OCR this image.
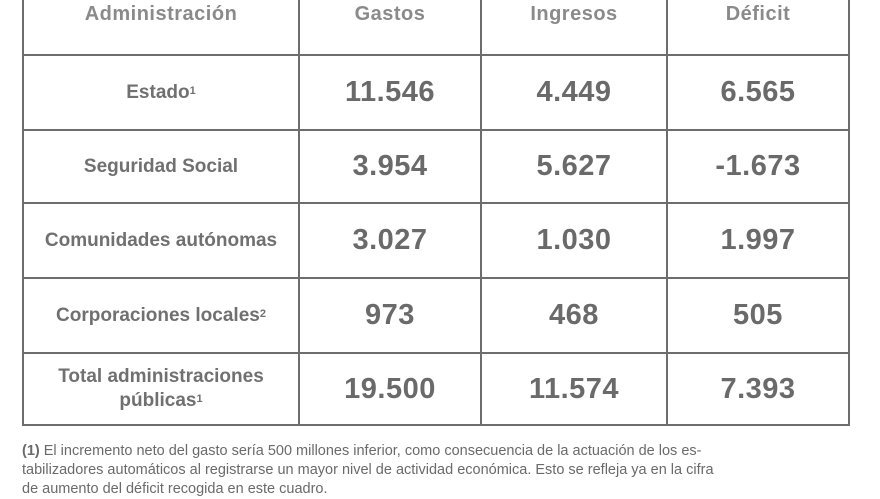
Administración	Gastos	Ingresos	Déficit
Estado$^1$	11.546	4.449	6.565
Seguridad Social	3.954	5.627	-1.673
Comunidades autónomas	3.027	1.030	1.997
Corporaciones locales$^2$	973	468	505
Total administraciones
públicas$^1$	19.500	11.574	7.393
(1) El incremento neto del gasto sería 500 millones inferior, como consecuencia de la actuación de los es-
tabilizadores automáticos al registrarse un mayor nivel de actividad económica. Esto se refleja ya en la cifra
de aumento del déficit recogida en este cuadro.
